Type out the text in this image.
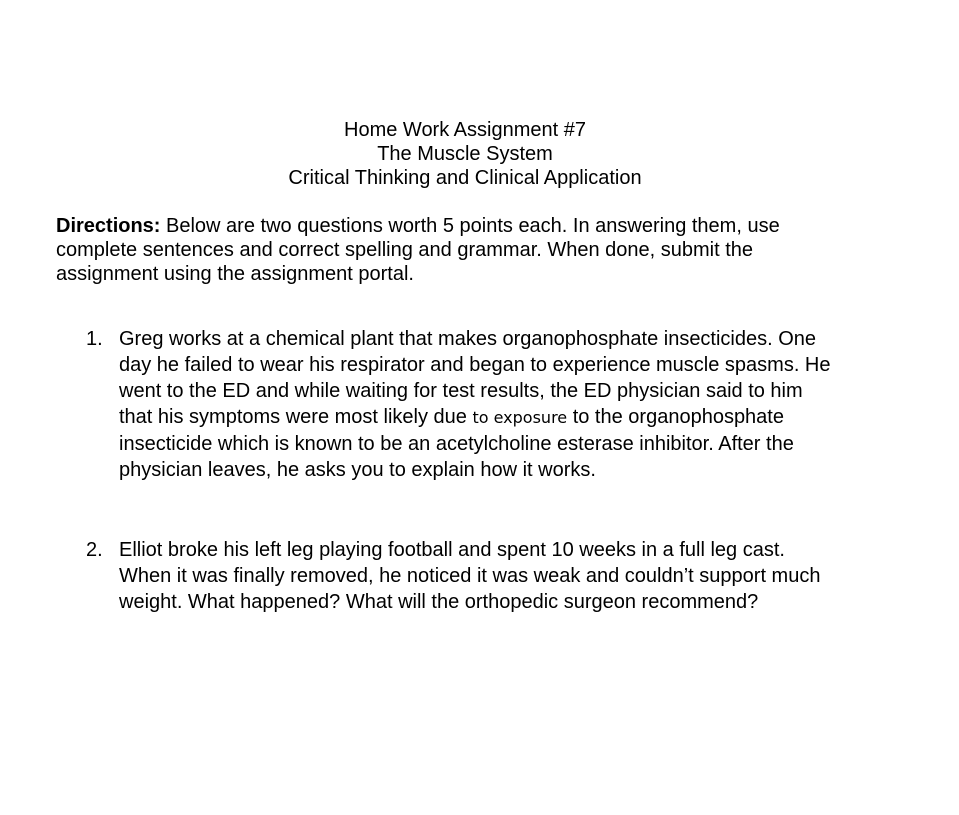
Home Work Assignment #7
The Muscle System
Critical Thinking and Clinical Application
Directions: Below are two questions worth 5 points each. In answering them, use
complete sentences and correct spelling and grammar. When done, submit the
assignment using the assignment portal.
1. Greg works at a chemical plant that makes organophosphate insecticides. One
day he failed to wear his respirator and began to experience muscle spasms. He
went to the ED and while waiting for test results, the ED physician said to him
that his symptoms were most likely due to exposure to the organophosphate
insecticide which is known to be an acetylcholine esterase inhibitor. After the
physician leaves, he asks you to explain how it works.
2. Elliot broke his left leg playing football and spent 10 weeks in a full leg cast.
When it was finally removed, he noticed it was weak and couldn’t support much
weight. What happened? What will the orthopedic surgeon recommend?
